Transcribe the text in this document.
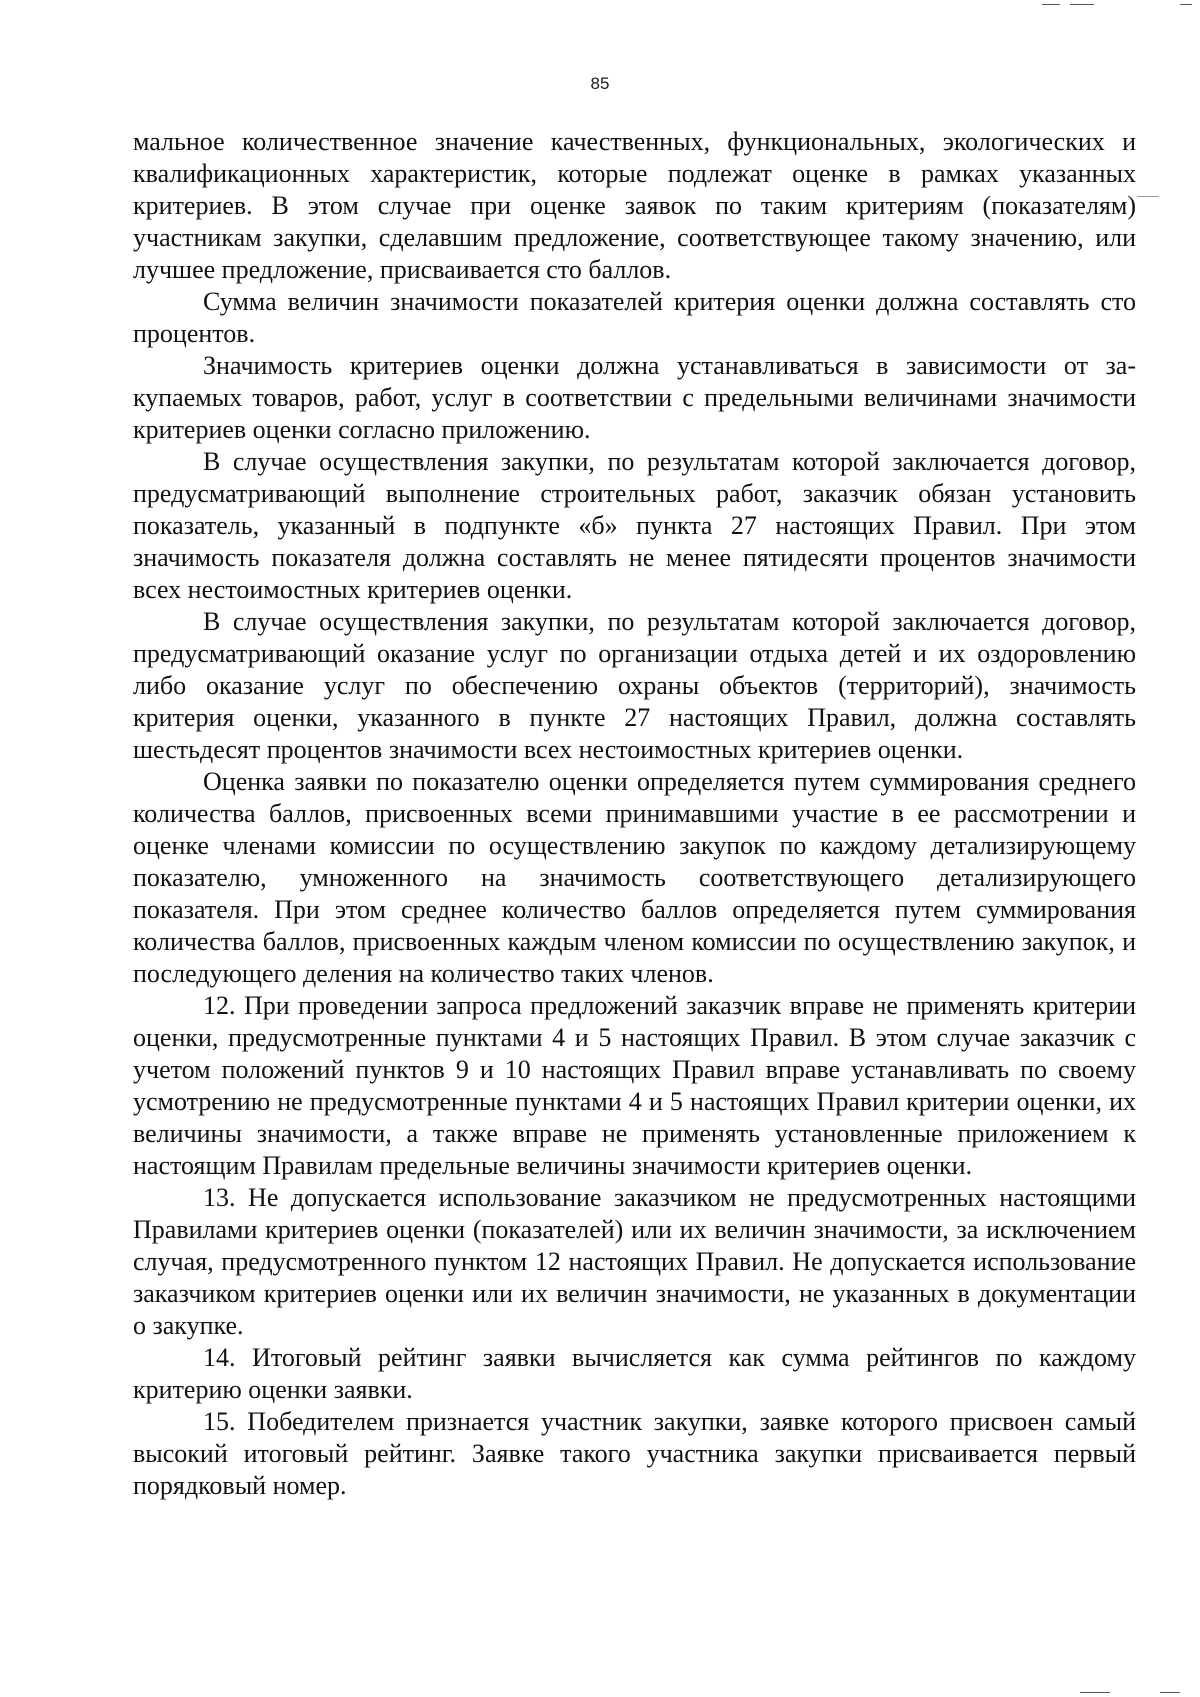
85

мальное количественное значение качественных, функциональных, экологических и квалификационных характеристик, которые подлежат оценке в рамках указанных критериев. В этом случае при оценке заявок по таким критериям (показателям) участникам закупки, сделавшим предложение, соответствующее такому значению, или лучшее предложение, присваивается сто баллов.

Сумма величин значимости показателей критерия оценки должна составлять сто процентов.

Значимость критериев оценки должна устанавливаться в зависимости от закупаемых товаров, работ, услуг в соответствии с предельными величинами значимости критериев оценки согласно приложению.

В случае осуществления закупки, по результатам которой заключается договор, предусматривающий выполнение строительных работ, заказчик обязан установить показатель, указанный в подпункте «б» пункта 27 настоящих Правил. При этом значимость показателя должна составлять не менее пятидесяти процентов значимости всех нестоимостных критериев оценки.

В случае осуществления закупки, по результатам которой заключается договор, предусматривающий оказание услуг по организации отдыха детей и их оздоровлению либо оказание услуг по обеспечению охраны объектов (территорий), значимость критерия оценки, указанного в пункте 27 настоящих Правил, должна составлять шестьдесят процентов значимости всех нестоимостных критериев оценки.

Оценка заявки по показателю оценки определяется путем суммирования среднего количества баллов, присвоенных всеми принимавшими участие в ее рассмотрении и оценке членами комиссии по осуществлению закупок по каждому детализирующему показателю, умноженного на значимость соответствующего детализирующего показателя. При этом среднее количество баллов определяется путем суммирования количества баллов, присвоенных каждым членом комиссии по осуществлению закупок, и последующего деления на количество таких членов.

12. При проведении запроса предложений заказчик вправе не применять критерии оценки, предусмотренные пунктами 4 и 5 настоящих Правил. В этом случае заказчик с учетом положений пунктов 9 и 10 настоящих Правил вправе устанавливать по своему усмотрению не предусмотренные пунктами 4 и 5 настоящих Правил критерии оценки, их величины значимости, а также вправе не применять установленные приложением к настоящим Правилам предельные величины значимости критериев оценки.

13. Не допускается использование заказчиком не предусмотренных настоящими Правилами критериев оценки (показателей) или их величин значимости, за исключением случая, предусмотренного пунктом 12 настоящих Правил. Не допускается использование заказчиком критериев оценки или их величин значимости, не указанных в документации о закупке.

14. Итоговый рейтинг заявки вычисляется как сумма рейтингов по каждому критерию оценки заявки.

15. Победителем признается участник закупки, заявке которого присвоен самый высокий итоговый рейтинг. Заявке такого участника закупки присваивается первый порядковый номер.
